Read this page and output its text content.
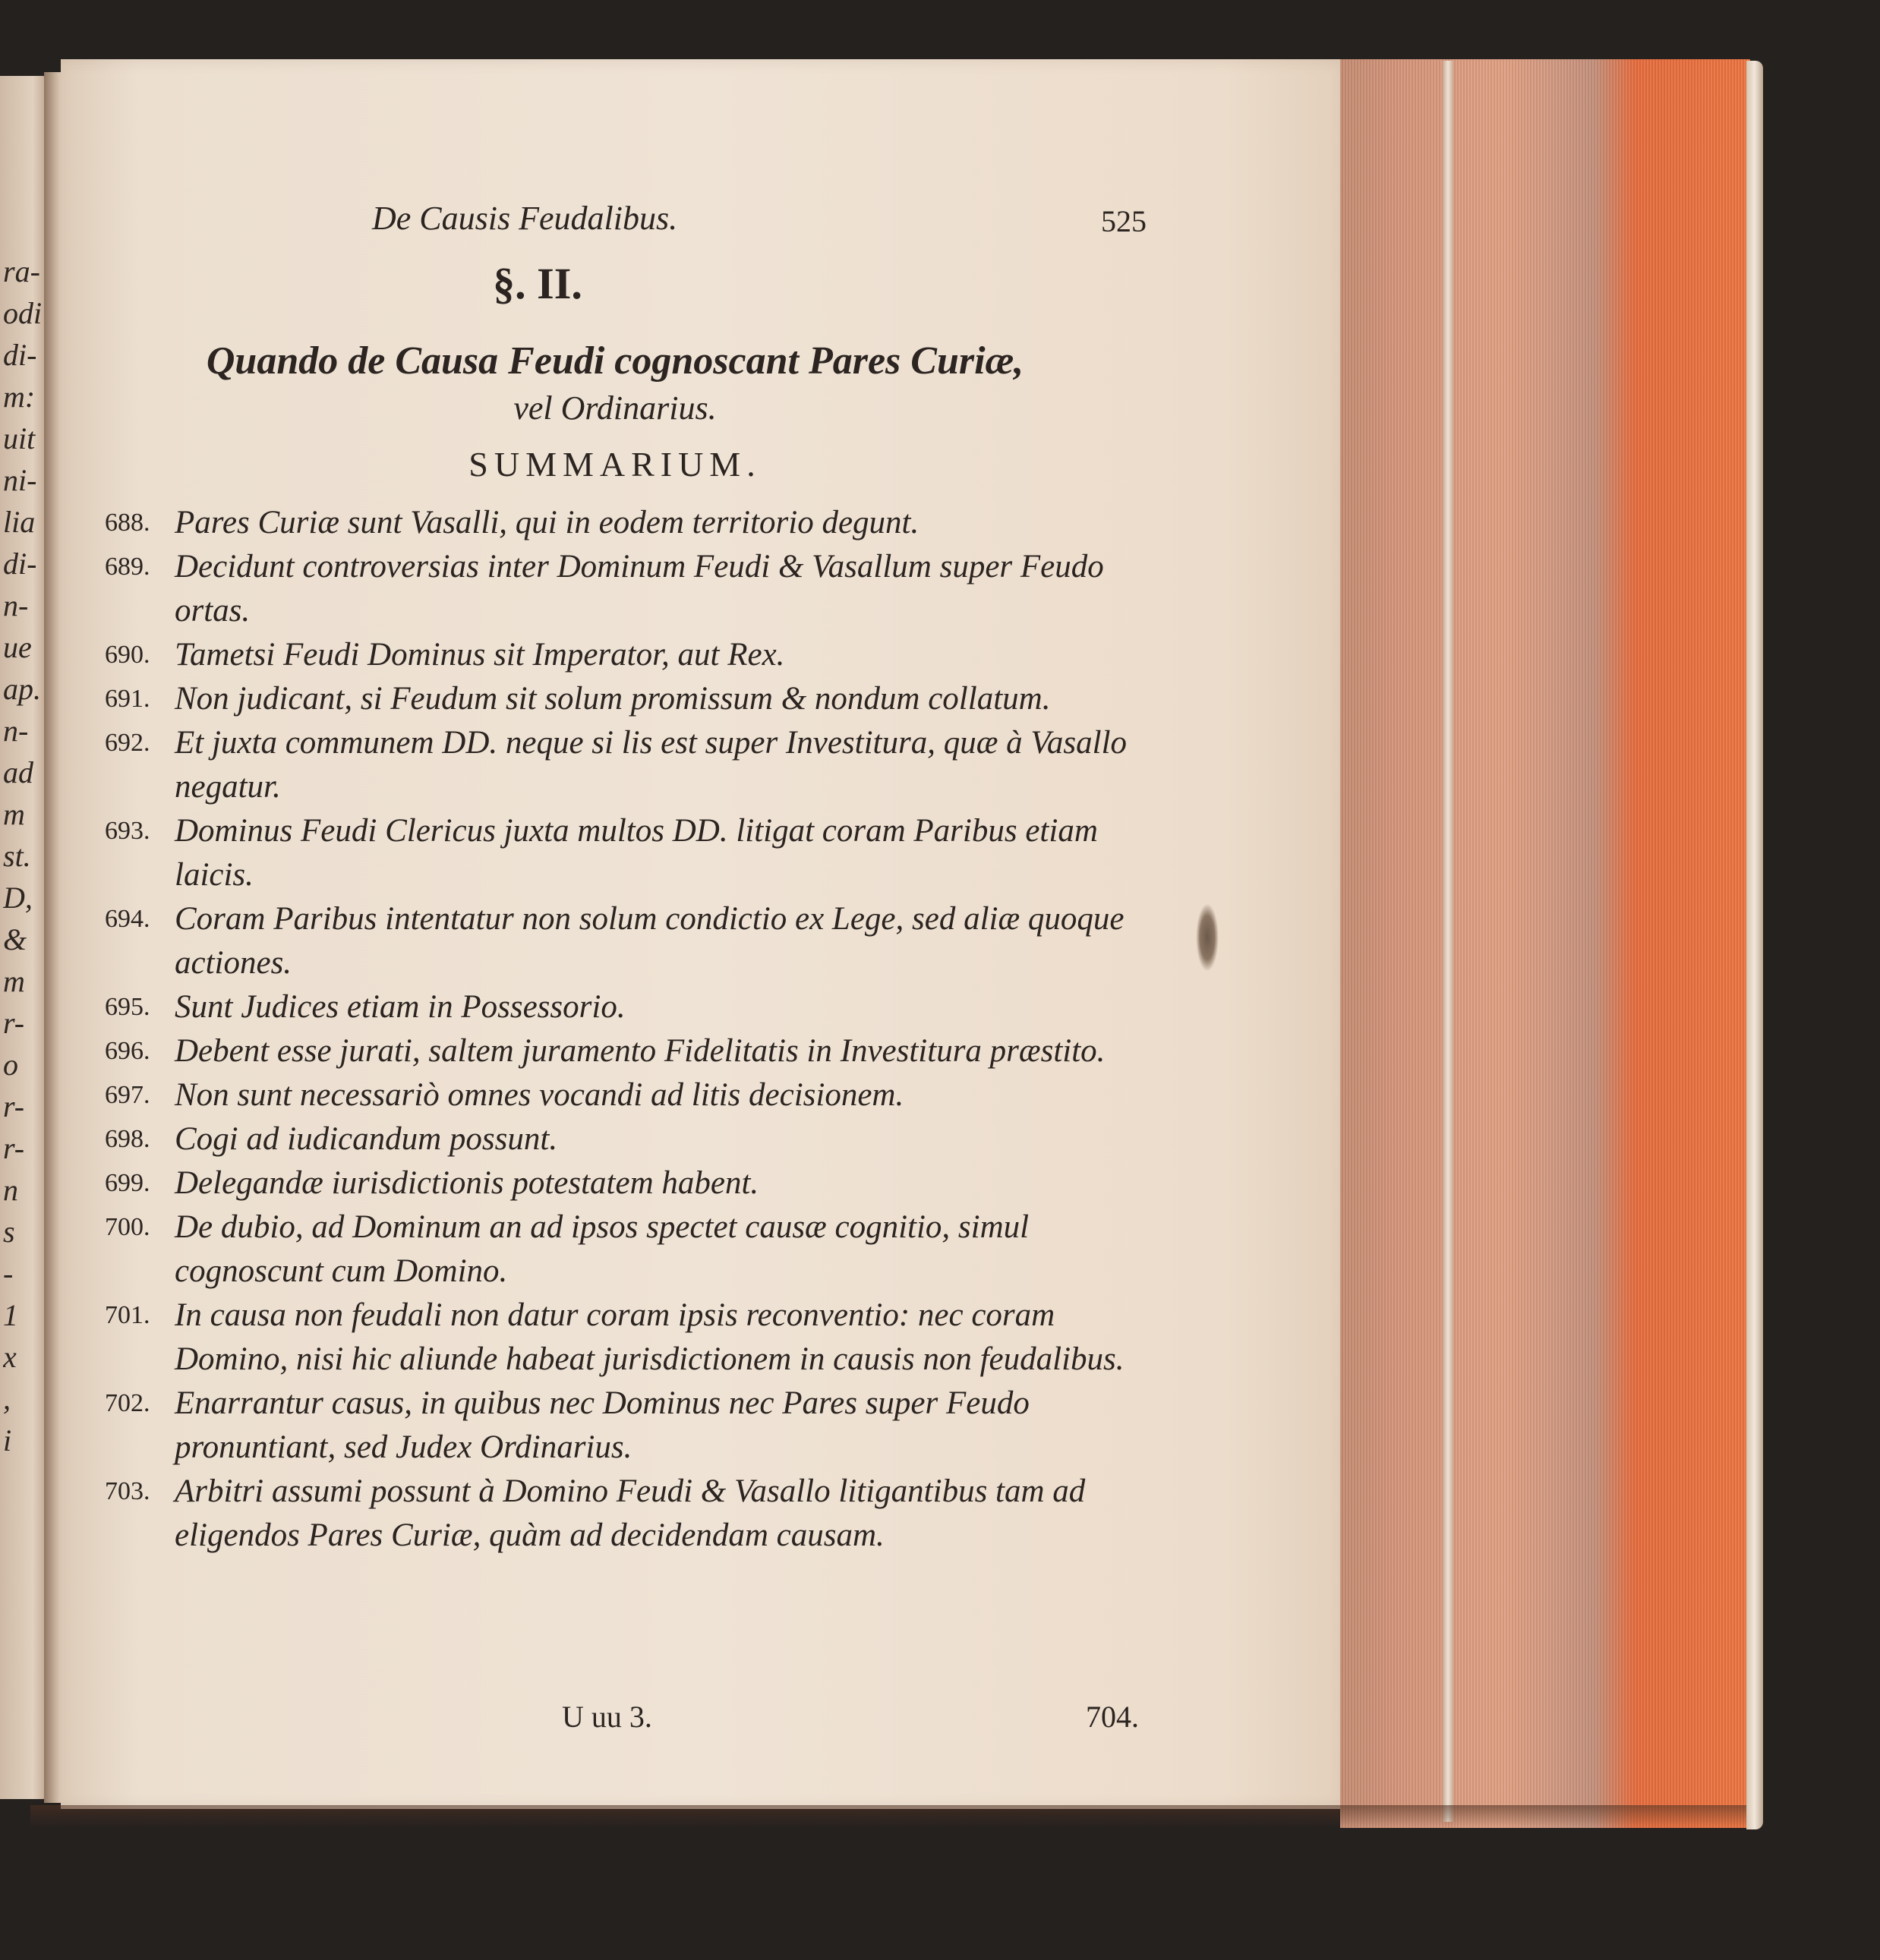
ra-
odi
di-
m:
uit
ni-
lia
di-
n-
ue
ap.
n-
ad
m
st.
D,
&
m
r-
o
r-
r-
n
s
-
1
x
,
i
De Causis Feudalibus.	525
§. II.
Quando de Causa Feudi cognoscant Pares Curiæ,
vel Ordinarius.
SUMMARIUM.
688. Pares Curiæ sunt Vasalli, qui in eodem territorio degunt.
689. Decidunt controversias inter Dominum Feudi & Vasallum super Feudo ortas.
690. Tametsi Feudi Dominus sit Imperator, aut Rex.
691. Non judicant, si Feudum sit solum promissum & nondum collatum.
692. Et juxta communem DD. neque si lis est super Investitura, quæ à Vasallo negatur.
693. Dominus Feudi Clericus juxta multos DD. litigat coram Paribus etiam laicis.
694. Coram Paribus intentatur non solum condictio ex Lege, sed aliæ quoque actiones.
695. Sunt Judices etiam in Possessorio.
696. Debent esse jurati, saltem juramento Fidelitatis in Investitura præstito.
697. Non sunt necessariò omnes vocandi ad litis decisionem.
698. Cogi ad iudicandum possunt.
699. Delegandæ iurisdictionis potestatem habent.
700. De dubio, ad Dominum an ad ipsos spectet causæ cognitio, simul cognoscunt cum Domino.
701. In causa non feudali non datur coram ipsis reconventio: nec coram Domino, nisi hic aliunde habeat jurisdictionem in causis non feudalibus.
702. Enarrantur casus, in quibus nec Dominus nec Pares super Feudo pronuntiant, sed Judex Ordinarius.
703. Arbitri assumi possunt à Domino Feudi & Vasallo litigantibus tam ad eligendos Pares Curiæ, quàm ad decidendam causam.
U uu 3.	704.
